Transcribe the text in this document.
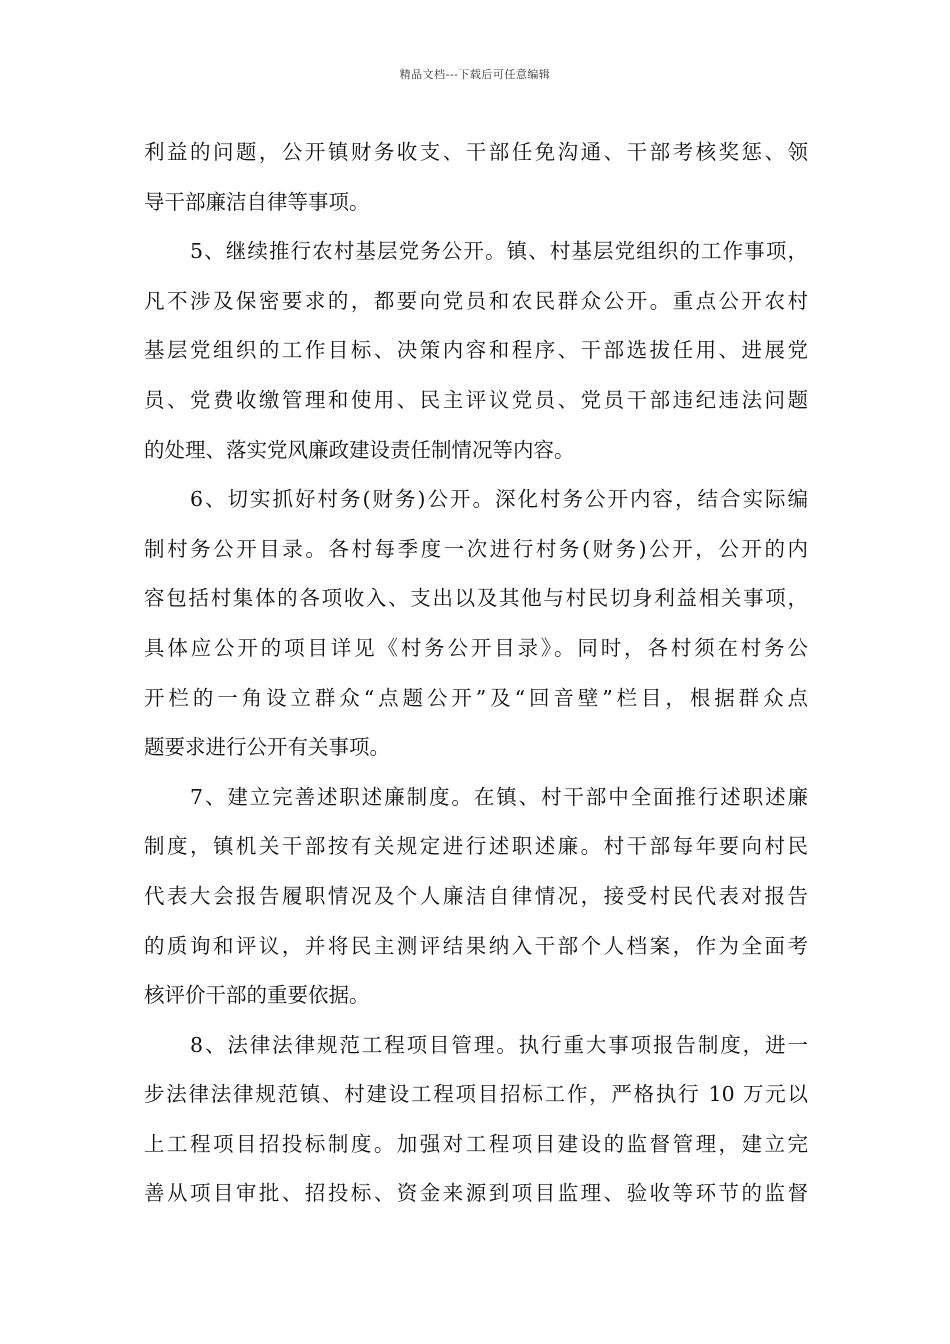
精品文档---下载后可任意编辑
利益的问题，公开镇财务收支、干部任免沟通、干部考核奖惩、领
导干部廉洁自律等事项。
5、继续推行农村基层党务公开。镇、村基层党组织的工作事项，
凡不涉及保密要求的，都要向党员和农民群众公开。重点公开农村
基层党组织的工作目标、决策内容和程序、干部选拔任用、进展党
员、党费收缴管理和使用、民主评议党员、党员干部违纪违法问题
的处理、落实党风廉政建设责任制情况等内容。
6、切实抓好村务(财务)公开。深化村务公开内容，结合实际编
制村务公开目录。各村每季度一次进行村务(财务)公开，公开的内
容包括村集体的各项收入、支出以及其他与村民切身利益相关事项，
具体应公开的项目详见《村务公开目录》。同时，各村须在村务公
开栏的一角设立群众“点题公开”及“回音壁”栏目，根据群众点
题要求进行公开有关事项。
7、建立完善述职述廉制度。在镇、村干部中全面推行述职述廉
制度，镇机关干部按有关规定进行述职述廉。村干部每年要向村民
代表大会报告履职情况及个人廉洁自律情况，接受村民代表对报告
的质询和评议，并将民主测评结果纳入干部个人档案，作为全面考
核评价干部的重要依据。
8、法律法律规范工程项目管理。执行重大事项报告制度，进一
步法律法律规范镇、村建设工程项目招标工作，严格执行 10 万元以
上工程项目招投标制度。加强对工程项目建设的监督管理，建立完
善从项目审批、招投标、资金来源到项目监理、验收等环节的监督
